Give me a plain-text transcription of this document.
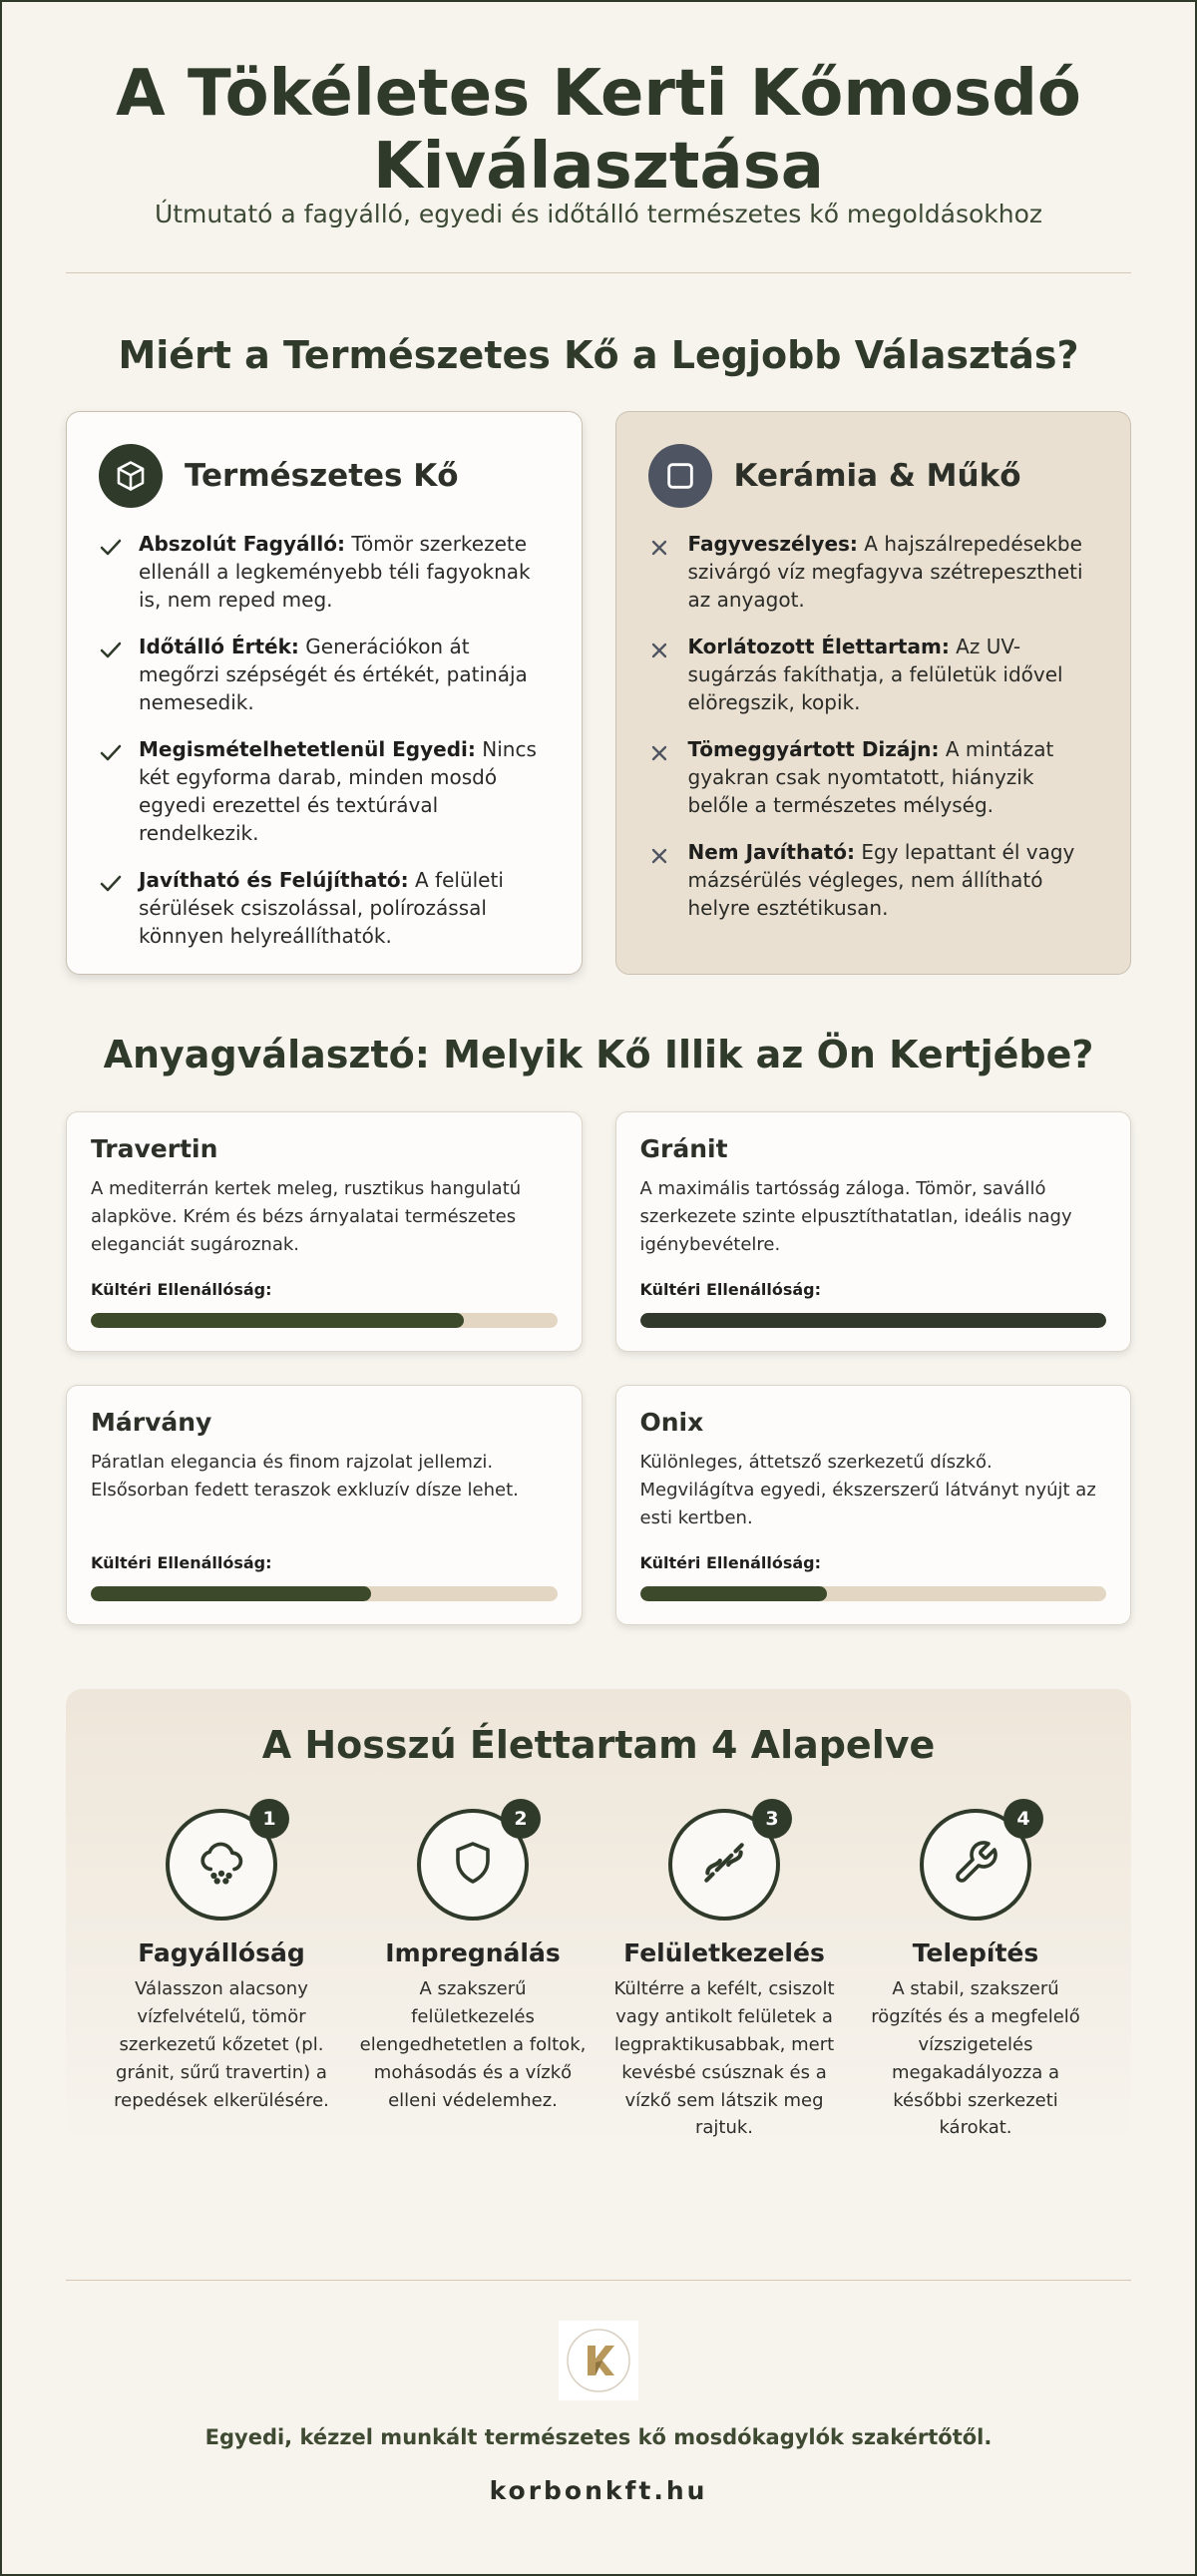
A Tökéletes Kerti Kőmosdó Kiválasztása

Útmutató a fagyálló, egyedi és időtálló természetes kő megoldásokhoz

Miért a Természetes Kő a Legjobb Választás?
Természetes Kő
Abszolút Fagyálló: Tömör szerkezete ellenáll a legkeményebb téli fagyoknak is, nem reped meg.
Időtálló Érték: Generációkon át megőrzi szépségét és értékét, patinája nemesedik.
Megismételhetetlenül Egyedi: Nincs két egyforma darab, minden mosdó egyedi erezettel és textúrával rendelkezik.
Javítható és Felújítható: A felületi sérülések csiszolással, polírozással könnyen helyreállíthatók.
Kerámia & Műkő
Fagyveszélyes: A hajszálrepedésekbe szivárgó víz megfagyva szétrepesztheti az anyagot.
Korlátozott Élettartam: Az UV-sugárzás fakíthatja, a felületük idővel elöregszik, kopik.
Tömeggyártott Dizájn: A mintázat gyakran csak nyomtatott, hiányzik belőle a természetes mélység.
Nem Javítható: Egy lepattant él vagy mázsérülés végleges, nem állítható helyre esztétikusan.
Anyagválasztó: Melyik Kő Illik az Ön Kertjébe?
Travertin
A mediterrán kertek meleg, rusztikus hangulatú alapköve. Krém és bézs árnyalatai természetes eleganciát sugároznak.
Kültéri Ellenállóság:
Gránit
A maximális tartósság záloga. Tömör, saválló szerkezete szinte elpusztíthatatlan, ideális nagy igénybevételre.
Kültéri Ellenállóság:
Márvány
Páratlan elegancia és finom rajzolat jellemzi. Elsősorban fedett teraszok exkluzív dísze lehet.
Kültéri Ellenállóság:
Onix
Különleges, áttetsző szerkezetű díszkő. Megvilágítva egyedi, ékszerszerű látványt nyújt az esti kertben.
Kültéri Ellenállóság:
A Hosszú Élettartam 4 Alapelve
1
Fagyállóság
Válasszon alacsony vízfelvételű, tömör szerkezetű kőzetet (pl. gránit, sűrű travertin) a repedések elkerülésére.
2
Impregnálás
A szakszerű felületkezelés elengedhetetlen a foltok, mohásodás és a vízkő elleni védelemhez.
3
Felületkezelés
Kültérre a kefélt, csiszolt vagy antikolt felületek a legpraktikusabbak, mert kevésbé csúsznak és a vízkő sem látszik meg rajtuk.
4
Telepítés
A stabil, szakszerű rögzítés és a megfelelő vízszigetelés megakadályozza a későbbi szerkezeti károkat.

Egyedi, kézzel munkált természetes kő mosdókagylók szakértőtől.

korbonkft.hu
